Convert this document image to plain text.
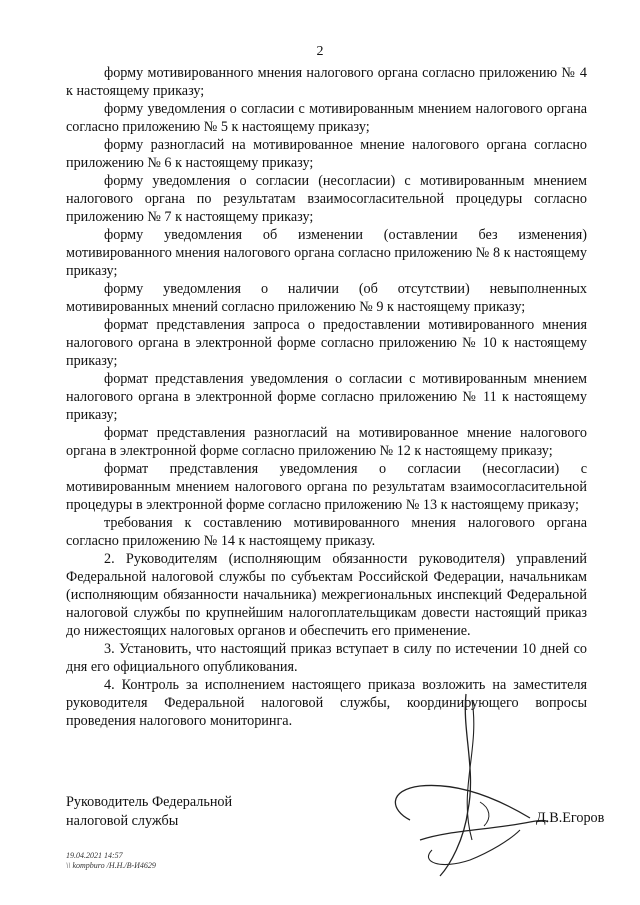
2

форму мотивированного мнения налогового органа согласно приложению № 4 к настоящему приказу;

форму уведомления о согласии с мотивированным мнением налогового органа согласно приложению № 5 к настоящему приказу;

форму разногласий на мотивированное мнение налогового органа согласно приложению № 6 к настоящему приказу;

форму уведомления о согласии (несогласии) с мотивированным мнением налогового органа по результатам взаимосогласительной процедуры согласно приложению № 7 к настоящему приказу;

форму уведомления об изменении (оставлении без изменения) мотивированного мнения налогового органа согласно приложению № 8 к настоящему приказу;

форму уведомления о наличии (об отсутствии) невыполненных мотивированных мнений согласно приложению № 9 к настоящему приказу;

формат представления запроса о предоставлении мотивированного мнения налогового органа в электронной форме согласно приложению № 10 к настоящему приказу;

формат представления уведомления о согласии с мотивированным мнением налогового органа в электронной форме согласно приложению № 11 к настоящему приказу;

формат представления разногласий на мотивированное мнение налогового органа в электронной форме согласно приложению № 12 к настоящему приказу;

формат представления уведомления о согласии (несогласии) с мотивированным мнением налогового органа по результатам взаимосогласительной процедуры в электронной форме согласно приложению № 13 к настоящему приказу;

требования к составлению мотивированного мнения налогового органа согласно приложению № 14 к настоящему приказу.

2. Руководителям (исполняющим обязанности руководителя) управлений Федеральной налоговой службы по субъектам Российской Федерации, начальникам (исполняющим обязанности начальника) межрегиональных инспекций Федеральной налоговой службы по крупнейшим налогоплательщикам довести настоящий приказ до нижестоящих налоговых органов и обеспечить его применение.

3. Установить, что настоящий приказ вступает в силу по истечении 10 дней со дня его официального опубликования.

4. Контроль за исполнением настоящего приказа возложить на заместителя руководителя Федеральной налоговой службы, координирующего вопросы проведения налогового мониторинга.

Руководитель Федеральной
налоговой службы	Д.В.Егоров
19.04.2021 14:57
\\ kompburo /Н.Н./В-И4629
